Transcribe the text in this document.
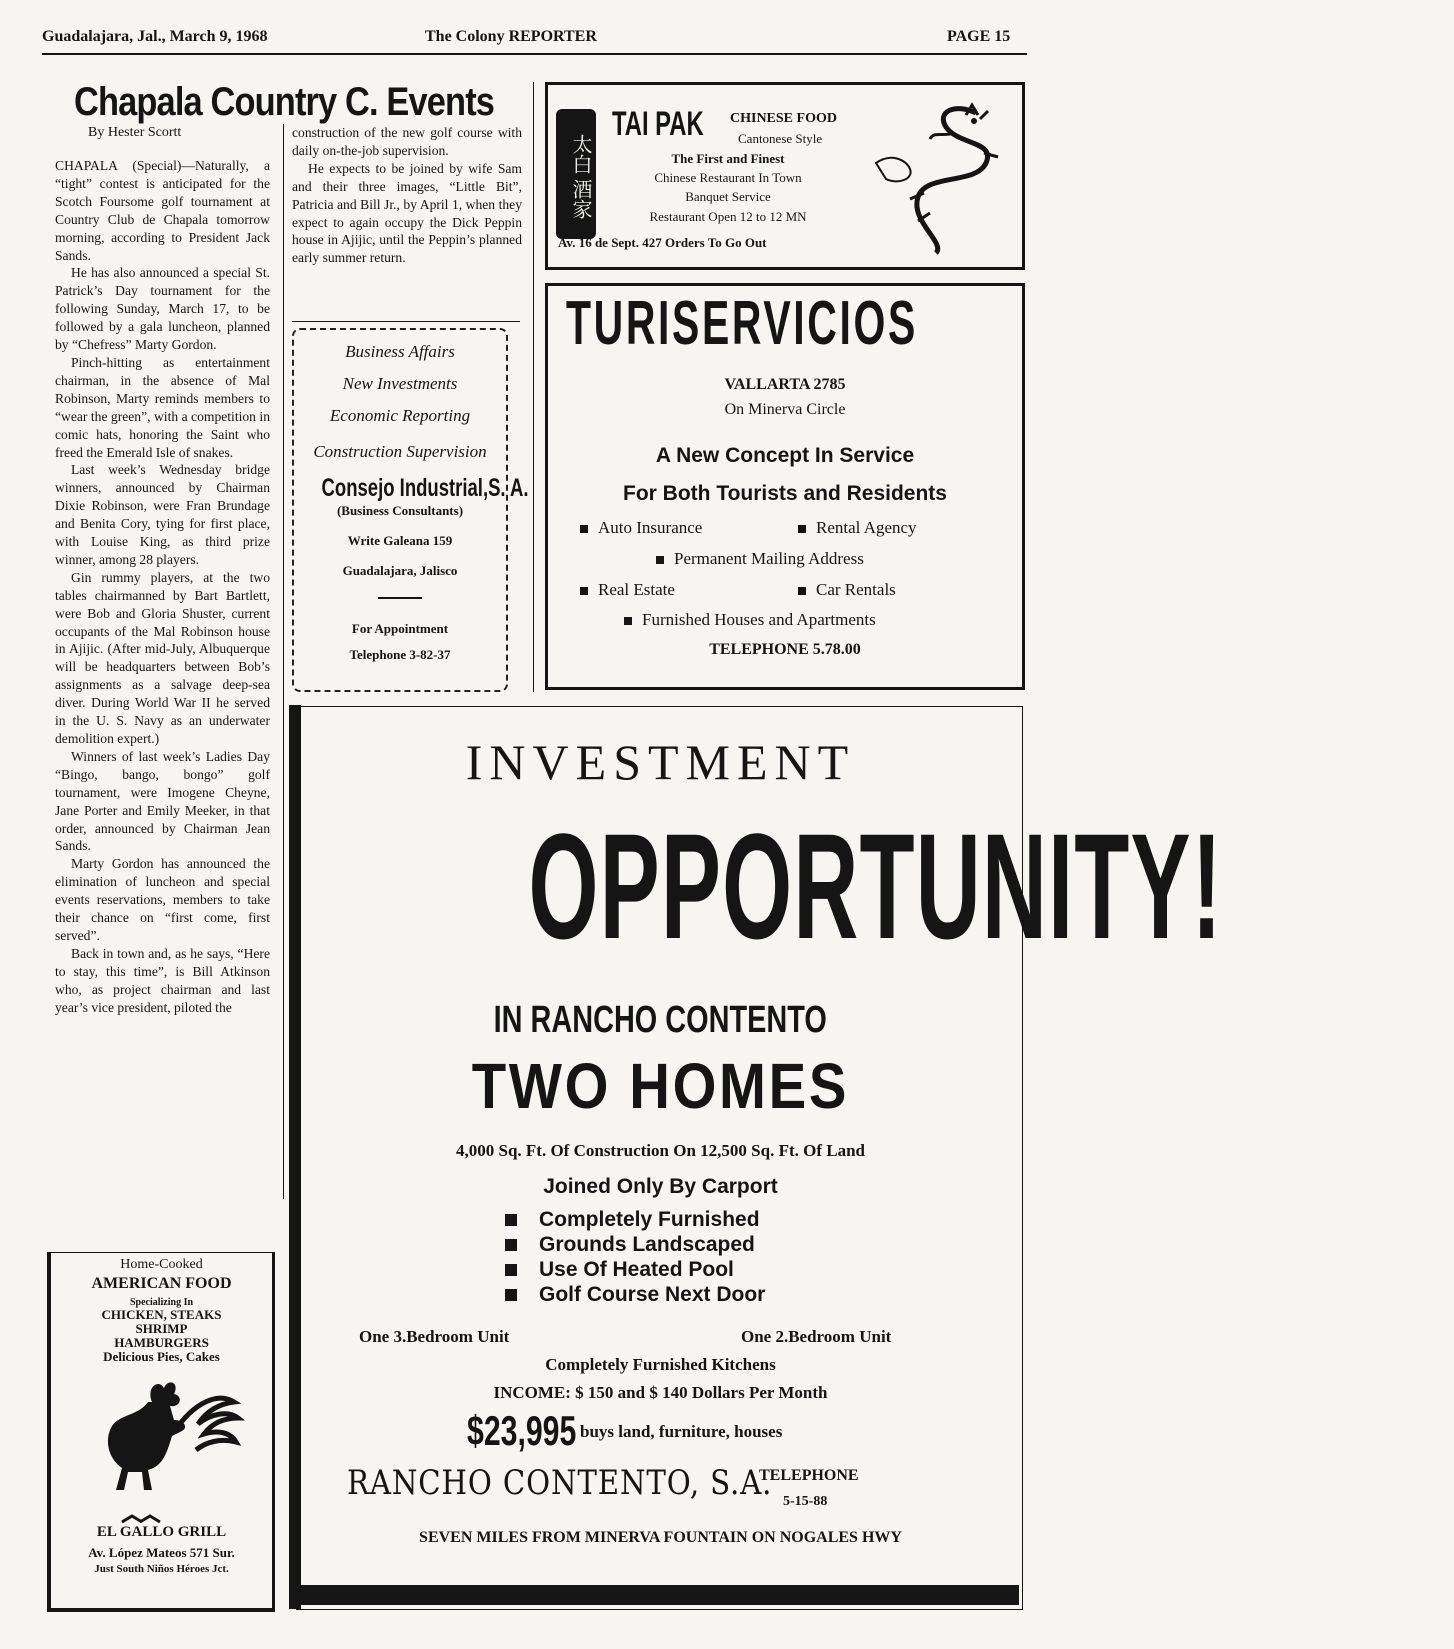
Guadalajara, Jal., March 9, 1968	The Colony REPORTER	PAGE 15
Chapala Country C. Events
By Hester Scortt

CHAPALA (Special)—Naturally, a “tight” contest is anticipated for the Scotch Foursome golf tournament at Country Club de Chapala tomorrow morning, according to President Jack Sands.

He has also announced a special St. Patrick’s Day tournament for the following Sunday, March 17, to be followed by a gala luncheon, planned by “Chefress” Marty Gordon.

Pinch-hitting as entertainment chairman, in the absence of Mal Robinson, Marty reminds members to “wear the green”, with a competition in comic hats, honoring the Saint who freed the Emerald Isle of snakes.

Last week’s Wednesday bridge winners, announced by Chairman Dixie Robinson, were Fran Brundage and Benita Cory, tying for first place, with Louise King, as third prize winner, among 28 players.

Gin rummy players, at the two tables chairmanned by Bart Bartlett, were Bob and Gloria Shuster, current occupants of the Mal Robinson house in Ajijic. (After mid-July, Albuquerque will be headquarters between Bob’s assignments as a salvage deep-sea diver. During World War II he served in the U. S. Navy as an underwater demolition expert.)

Winners of last week’s Ladies Day “Bingo, bango, bongo” golf tournament, were Imogene Cheyne, Jane Porter and Emily Meeker, in that order, announced by Chairman Jean Sands.

Marty Gordon has announced the elimination of luncheon and special events reservations, members to take their chance on “first come, first served”.

Back in town and, as he says, “Here to stay, this time”, is Bill Atkinson who, as project chairman and last year’s vice president, piloted the

construction of the new golf course with daily on-the-job supervision.

He expects to be joined by wife Sam and their three images, “Little Bit”, Patricia and Bill Jr., by April 1, when they expect to again occupy the Dick Peppin house in Ajijic, until the Peppin’s planned early summer return.

Business Affairs
New Investments
Economic Reporting
Construction Supervision
Consejo Industrial,S. A.
(Business Consultants)
Write Galeana 159
Guadalajara, Jalisco
For Appointment
Telephone 3-82-37
太白 酒家
TAI PAK CHINESE FOOD
Cantonese Style
The First and Finest
Chinese Restaurant In Town
Banquet Service
Restaurant Open 12 to 12 MN
Av. 16 de Sept. 427 Orders To Go Out
TURISERVICIOS
VALLARTA 2785
On Minerva Circle
A New Concept In Service
For Both Tourists and Residents
Auto Insurance	Rental Agency
Permanent Mailing Address
Real Estate	Car Rentals
Furnished Houses and Apartments
TELEPHONE 5.78.00
INVESTMENT
OPPORTUNITY!
IN RANCHO CONTENTO
TWO HOMES
4,000 Sq. Ft. Of Construction On 12,500 Sq. Ft. Of Land
Joined Only By Carport
Completely Furnished
Grounds Landscaped
Use Of Heated Pool
Golf Course Next Door
One 3.Bedroom Unit	One 2.Bedroom Unit
Completely Furnished Kitchens
INCOME: $ 150 and $ 140 Dollars Per Month
$23,995 buys land, furniture, houses
RANCHO CONTENTO, S.A.
TELEPHONE
5-15-88
SEVEN MILES FROM MINERVA FOUNTAIN ON NOGALES HWY
Home-Cooked
AMERICAN FOOD
Specializing In
CHICKEN, STEAKS
SHRIMP
HAMBURGERS
Delicious Pies, Cakes
EL GALLO GRILL
Av. López Mateos 571 Sur.
Just South Niños Héroes Jct.
